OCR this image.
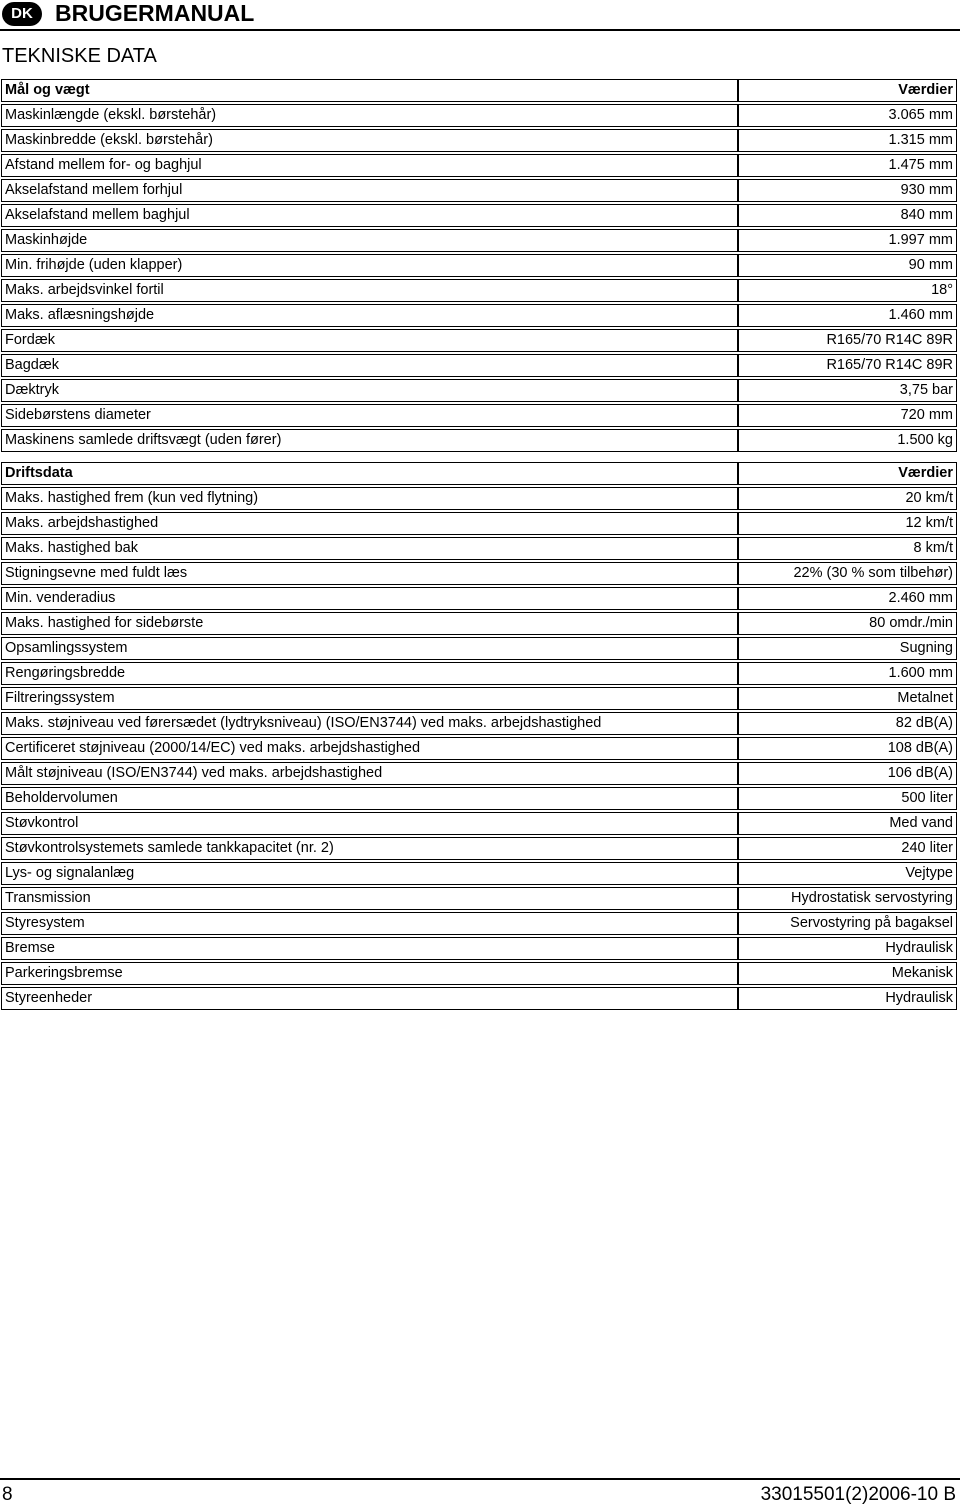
DK BRUGERMANUAL
TEKNISKE DATA
Mål og vægt	Værdier
Maskinlængde (ekskl. børstehår)	3.065 mm
Maskinbredde (ekskl. børstehår)	1.315 mm
Afstand mellem for- og baghjul	1.475 mm
Akselafstand mellem forhjul	930 mm
Akselafstand mellem baghjul	840 mm
Maskinhøjde	1.997 mm
Min. frihøjde (uden klapper)	90 mm
Maks. arbejdsvinkel fortil	18°
Maks. aflæsningshøjde	1.460 mm
Fordæk	R165/70 R14C 89R
Bagdæk	R165/70 R14C 89R
Dæktryk	3,75 bar
Sidebørstens diameter	720 mm
Maskinens samlede driftsvægt (uden fører)	1.500 kg
Driftsdata	Værdier
Maks. hastighed frem (kun ved flytning)	20 km/t
Maks. arbejdshastighed	12 km/t
Maks. hastighed bak	8 km/t
Stigningsevne med fuldt læs	22% (30 % som tilbehør)
Min. venderadius	2.460 mm
Maks. hastighed for sidebørste	80 omdr./min
Opsamlingssystem	Sugning
Rengøringsbredde	1.600 mm
Filtreringssystem	Metalnet
Maks. støjniveau ved førersædet (lydtryksniveau) (ISO/EN3744) ved maks. arbejdshastighed	82 dB(A)
Certificeret støjniveau (2000/14/EC) ved maks. arbejdshastighed	108 dB(A)
Målt støjniveau (ISO/EN3744) ved maks. arbejdshastighed	106 dB(A)
Beholdervolumen	500 liter
Støvkontrol	Med vand
Støvkontrolsystemets samlede tankkapacitet (nr. 2)	240 liter
Lys- og signalanlæg	Vejtype
Transmission	Hydrostatisk servostyring
Styresystem	Servostyring på bagaksel
Bremse	Hydraulisk
Parkeringsbremse	Mekanisk
Styreenheder	Hydraulisk
8	33015501(2)2006-10 B
